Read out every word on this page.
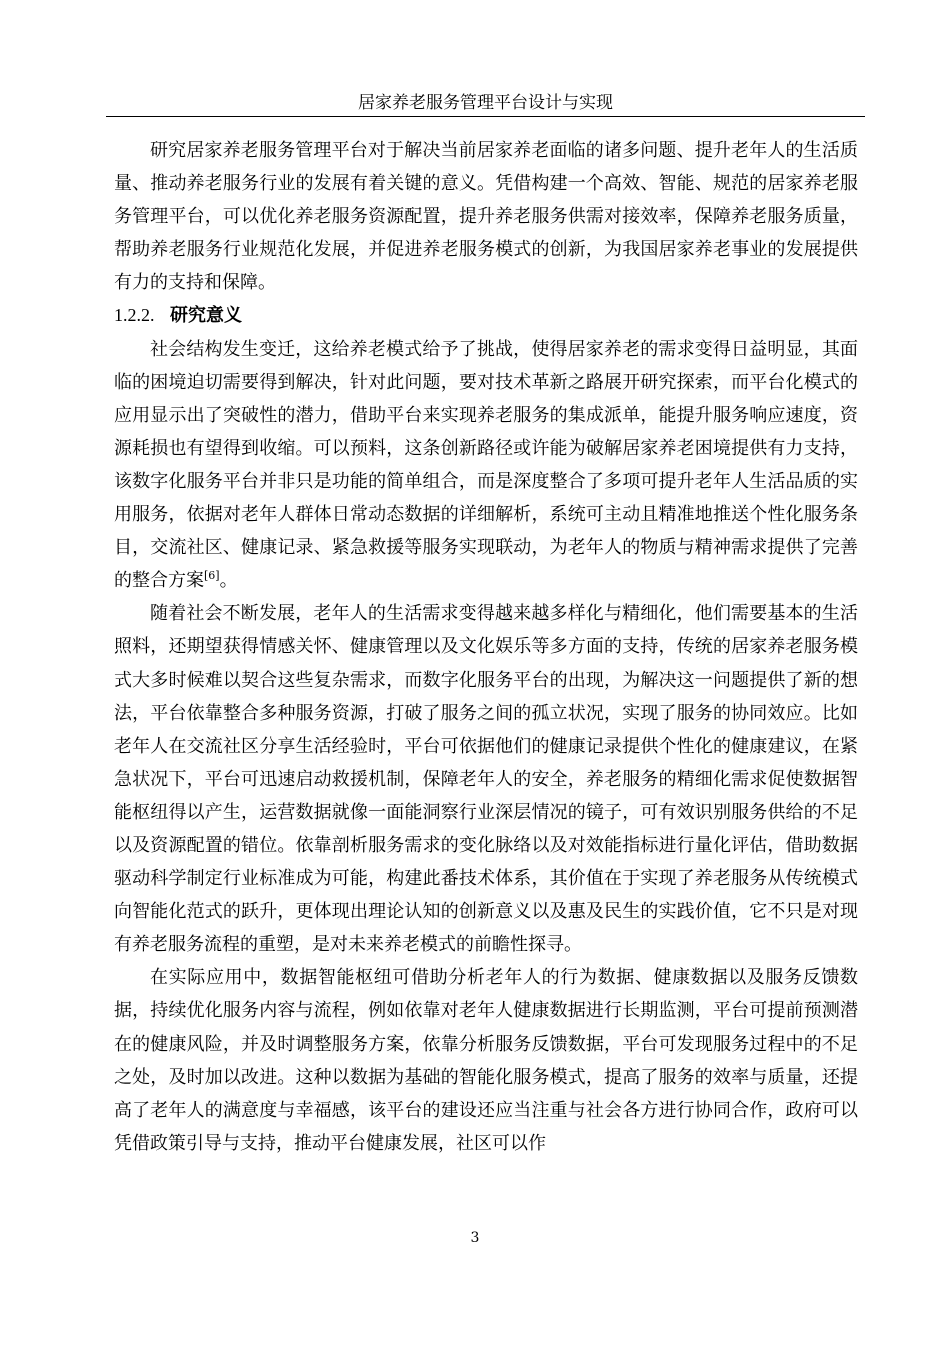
居家养老服务管理平台设计与实现

研究居家养老服务管理平台对于解决当前居家养老面临的诸多问题、提升老年人的生活质量、推动养老服务行业的发展有着关键的意义。凭借构建一个高效、智能、规范的居家养老服务管理平台，可以优化养老服务资源配置，提升养老服务供需对接效率，保障养老服务质量，帮助养老服务行业规范化发展，并促进养老服务模式的创新，为我国居家养老事业的发展提供有力的支持和保障。

1.2.2. 研究意义

社会结构发生变迁，这给养老模式给予了挑战，使得居家养老的需求变得日益明显，其面临的困境迫切需要得到解决，针对此问题，要对技术革新之路展开研究探索，而平台化模式的应用显示出了突破性的潜力，借助平台来实现养老服务的集成派单，能提升服务响应速度，资源耗损也有望得到收缩。可以预料，这条创新路径或许能为破解居家养老困境提供有力支持，该数字化服务平台并非只是功能的简单组合，而是深度整合了多项可提升老年人生活品质的实用服务，依据对老年人群体日常动态数据的详细解析，系统可主动且精准地推送个性化服务条目，交流社区、健康记录、紧急救援等服务实现联动，为老年人的物质与精神需求提供了完善的整合方案[6]。

随着社会不断发展，老年人的生活需求变得越来越多样化与精细化，他们需要基本的生活照料，还期望获得情感关怀、健康管理以及文化娱乐等多方面的支持，传统的居家养老服务模式大多时候难以契合这些复杂需求，而数字化服务平台的出现，为解决这一问题提供了新的想法，平台依靠整合多种服务资源，打破了服务之间的孤立状况，实现了服务的协同效应。比如老年人在交流社区分享生活经验时，平台可依据他们的健康记录提供个性化的健康建议，在紧急状况下，平台可迅速启动救援机制，保障老年人的安全，养老服务的精细化需求促使数据智能枢纽得以产生，运营数据就像一面能洞察行业深层情况的镜子，可有效识别服务供给的不足以及资源配置的错位。依靠剖析服务需求的变化脉络以及对效能指标进行量化评估，借助数据驱动科学制定行业标准成为可能，构建此番技术体系，其价值在于实现了养老服务从传统模式向智能化范式的跃升，更体现出理论认知的创新意义以及惠及民生的实践价值，它不只是对现有养老服务流程的重塑，是对未来养老模式的前瞻性探寻。

在实际应用中，数据智能枢纽可借助分析老年人的行为数据、健康数据以及服务反馈数据，持续优化服务内容与流程，例如依靠对老年人健康数据进行长期监测，平台可提前预测潜在的健康风险，并及时调整服务方案，依靠分析服务反馈数据，平台可发现服务过程中的不足之处，及时加以改进。这种以数据为基础的智能化服务模式，提高了服务的效率与质量，还提高了老年人的满意度与幸福感，该平台的建设还应当注重与社会各方进行协同合作，政府可以凭借政策引导与支持，推动平台健康发展，社区可以作

3
